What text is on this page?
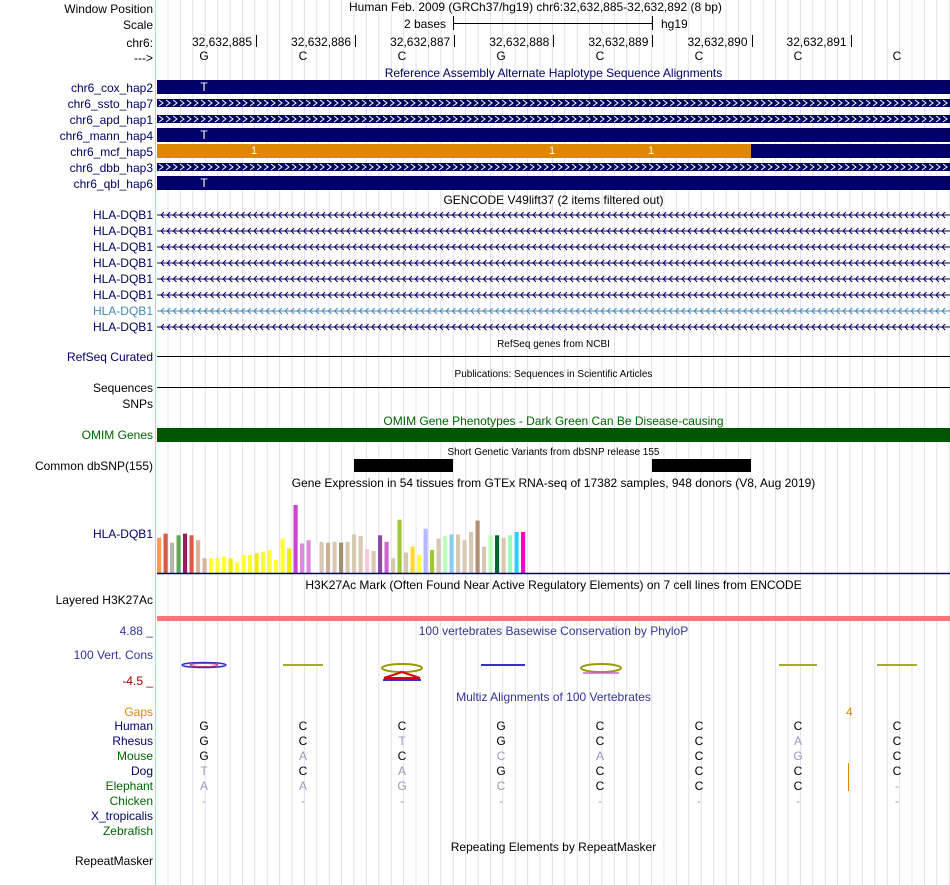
Window Position	Human Feb. 2009 (GRCh37/hg19) chr6:32,632,885-32,632,892 (8 bp)
Scale	2 bases	hg19
chr6:	32,632,885	32,632,886	32,632,887	32,632,888	32,632,889	32,632,890	32,632,891
--->	G	C	C	G	C	C	C	C
Reference Assembly Alternate Haplotype Sequence Alignments
chr6_cox_hap2	T
chr6_ssto_hap7
chr6_apd_hap1
chr6_mann_hap4	T
chr6_mcf_hap5	1	1	1
chr6_dbb_hap3
chr6_qbl_hap6	T
GENCODE V49lift37 (2 items filtered out)
HLA-DQB1
HLA-DQB1
HLA-DQB1
HLA-DQB1
HLA-DQB1
HLA-DQB1
HLA-DQB1
HLA-DQB1
RefSeq genes from NCBI
RefSeq Curated
Publications: Sequences in Scientific Articles
Sequences
SNPs
OMIM Gene Phenotypes - Dark Green Can Be Disease-causing
OMIM Genes
Short Genetic Variants from dbSNP release 155
Common dbSNP(155)
Gene Expression in 54 tissues from GTEx RNA-seq of 17382 samples, 948 donors (V8, Aug 2019)
HLA-DQB1
H3K27Ac Mark (Often Found Near Active Regulatory Elements) on 7 cell lines from ENCODE
Layered H3K27Ac
100 vertebrates Basewise Conservation by PhyloP
4.88 _
100 Vert. Cons
-4.5 _
Multiz Alignments of 100 Vertebrates
Gaps	4
Human	G	C	C	G	C	C	C	C
Rhesus	G	C	T	G	C	C	A	C
Mouse	G	A	C	C	A	C	G	C
Dog	T	C	A	G	C	C	C	C
Elephant	A	A	G	C	C	C	C	-
Chicken	-	-	-	-	-	-	-	-
X_tropicalis
Zebrafish
Repeating Elements by RepeatMasker
RepeatMasker
